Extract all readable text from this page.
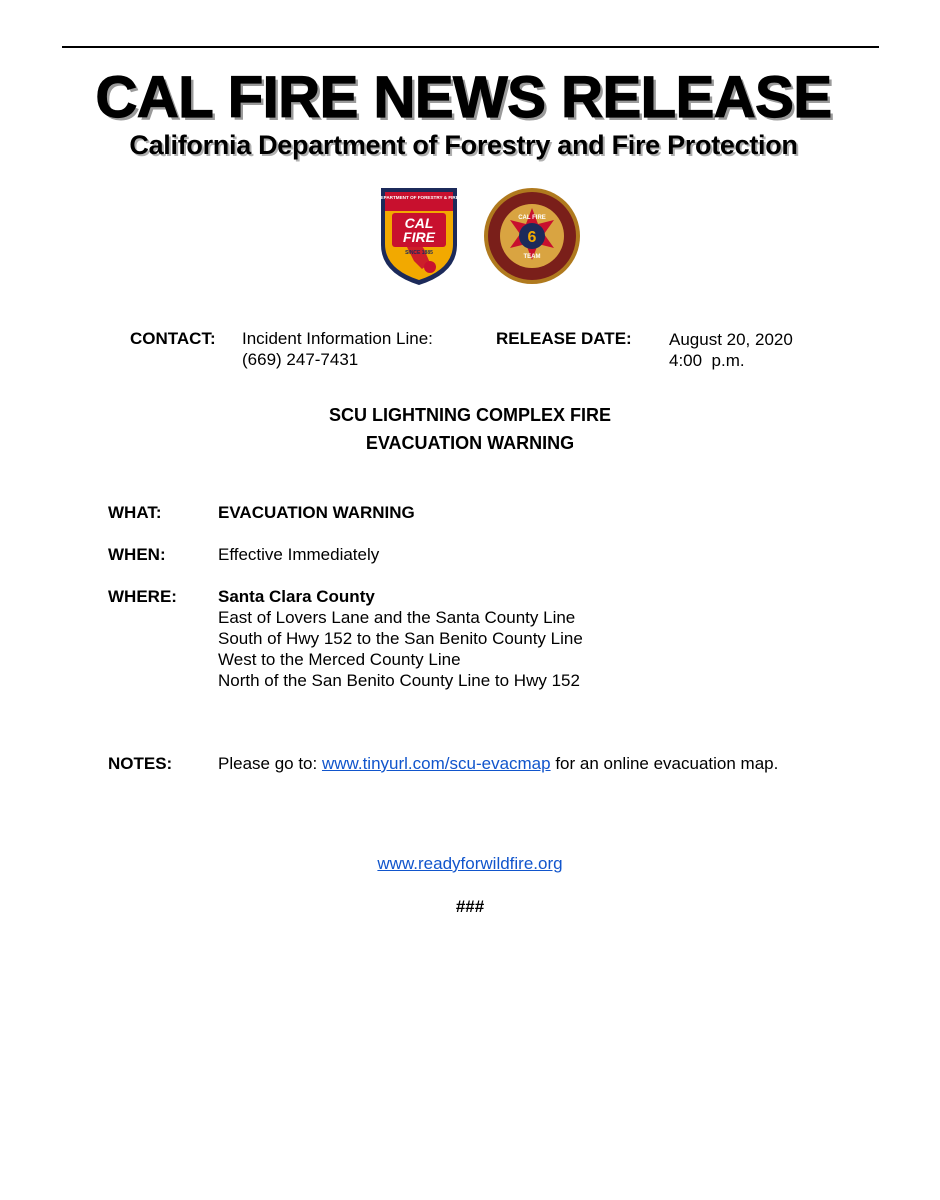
CAL FIRE NEWS RELEASE
California Department of Forestry and Fire Protection
CALIFORNIA DEPARTMENT OF FORESTRY & FIRE PROTECTION
CAL
FIRE
SINCE 1885
6
CAL FIRE
TEAM
CONTACT: Incident Information Line:
(669) 247-7431
RELEASE DATE: August 20, 2020
4:00  p.m.
SCU LIGHTNING COMPLEX FIRE
EVACUATION WARNING
WHAT:	EVACUATION WARNING
WHEN:	Effective Immediately
WHERE: Santa Clara County
East of Lovers Lane and the Santa County Line
South of Hwy 152 to the San Benito County Line
West to the Merced County Line
North of the San Benito County Line to Hwy 152
NOTES:	Please go to: www.tinyurl.com/scu-evacmap for an online evacuation map.
www.readyforwildfire.org
###
